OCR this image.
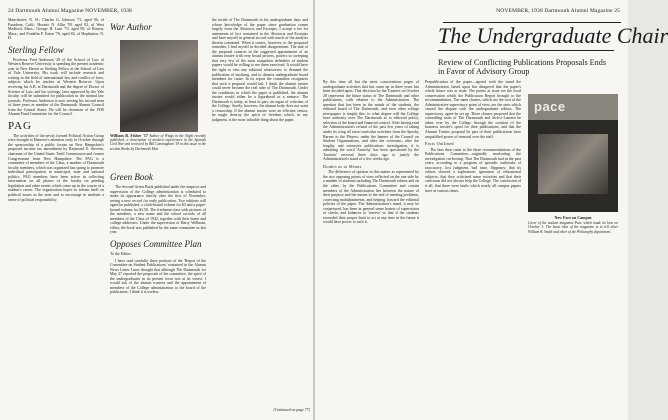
24 Dartmouth Alumni Magazine NOVEMBER, 1938

Manchester; N. H.; Charles G. Johnson '71, aged 96, of Pasadena, Calif.; Horatio N. Allin '59, aged 92, of West Medford, Mass.; George H. Lunt '73, aged 90, of Boston, Mass.; and Franklin P. Eaton '76, aged 84, of Hopkinton, N. H.

Sterling Fellow

Professor Fred Anderson '28 of the School of Law of Western Reserve University is spending the present academic year in New Haven as Sterling Fellow at the School of Law of Yale University. His work will include research and writing in the field of international law and conflict of laws, subjects which he teaches at Western Reserve. Upon receiving his A.B. at Dartmouth and the degree of Doctor of Science of Law, and his writings, later approved by the Yale faculty, will be submitted for publication in the normal law journals. Professor Anderson is now serving his second term of three years as member of the Dartmouth Alumni Council from the Central States. He will be chairman of the 1939 Alumni Fund Committee for the Council.

PAG

The activities of the newly formed Political Action Group were brought to Hanover's attention early in October through the sponsorship of a public forum on New Hampshire's proposed income tax amendment by Raymond E. Stevens, chairman of the United States Tariff Commission and former Congressman from New Hampshire. The PAG is a committee of members of the Class, a number of Dartmouth faculty members, which was organized last spring to promote individual participation in municipal, state and national politics. PAG members have been active in collecting information on all phases of the faculty on pending legislation and other events which come up in the course of a student's career. The organization hopes to inform itself on political issues in the state and to encourage in students a sense of political responsibility.

War Author
William B. Fisher '17 Author of Wings in the Night recently published, a description of modern experiences in the Spanish Civil War and reviewed by Bill Cunningham '19 in this issue in the section Books by Dartmouth Men.
Green Book

The Second Green Book published under the auspices and supervision of the College administration is scheduled to make its appearance shortly after the first of November, seeing a new record for early publication. Two editions will again be published, a cloth-bound volume for $3 and a paper-bound volume for $1.50. The freshman class with pictures of the members, a new name and the school records of all members of the Class of 1942, together with their home and college addresses. Under the supervision of Harry Wellman, editor, the book was published by the same committee as last year.

Opposes Committee Plan

To the Editor:

I have read carefully three portions of the 'Report of the Committee on Student Publications' contained in the Alumni News Letter I now thought that although The Dartmouth for May 27 reported the proposals of the committee, the spirit of the undergraduates in its present form was at its wisest. I would ask of the alumni trustees and the appointment of members of the College administration to the board of the publication, I think it is useless.

the inside of The Dartmouth in his undergraduate days and whose knowledge of the paper since graduation comes largely from the Abstracts and Excerpts. I accept a fee for statements of fact contained in the Abstracts and Excerpts and have myself in general accord with much of the analysis therein contained. When it comes, however, to the proposed remedies, I find myself in decided disagreement. The nub of the proposal consists in the suggested appointment of an alumni trustee with very broad powers, powers so sweeping that very few of the most outspoken defenders of student papers would be willing to see them exercised. It would have the right to veto any editorial whatsoever, to demand the publication of anything, and to dismiss undergraduate board members for cause. In its report the committee recognizes that such a proposal would fail. I think the alumni trustee could never become the real ruler of The Dartmouth. Under the conditions in which the paper is published, the alumni trustee would either be a figurehead or a menace. The Dartmouth is today, at least in part, an organ of criticism of the College. Surely, however, the alumni body does not want a censorship. If the alumni trustee were an efficient censor, he might destroy the spirit of freedom which, in my judgment, is the most valuable thing about the paper.

[Continued on page 77]
NOVEMBER, 1938 Dartmouth Alumni Magazine 25
The Undergraduate Chair
Review of Conflicting Publications Proposals Ends in Favor of Advisory Group

By this time all but the most conscientious pages of undergraduate activities that has come up in three years has been decided upon. That decision by the Trustees on October 28 represents the future status of The Dartmouth and other publications, with relation to the Administration. The question that has been in the minds of the students, the editorial board of The Dartmouth, and even other college newspapers is simply this: to what degree will the College have authority over The Dartmouth as to editorial policy, selection of the board and financial control. After having read the Administration's refusal of the past few years of taking under its wing all extra-curricular activities from the Spooky Barnes to the Players, under the banner of the Council on Student Organizations, and after the criticisms, after the lengthy and extensive publications investigation, it is admitting the word 'Anarchy' has been questioned by the Trustees' reversal three days ago to justify the Administration's stand of a few weeks ago.

Doubts as to Means

The difference of opinion in this matter as represented by the two opposing points of view reflected on the one side by a number of students including The Dartmouth editors and on the other, by the Publications Committee and certain members of the Administration lies between the nature of their purpose and the means to the end of meeting problems, correcting maladjustments, and helping forward the editorial policies of the paper. The Administration's stand, it may be conjectured, has been in general sense honest of supervision of checks and balances to 'reserve' so that if the students exceeded their proper limit to act at any time in the future it would have power to curb it.

Prepublication of the paper—agreed with the stand the Administration, based upon but disagreed that the paper's whole future was at issue. The points at issue are the local conservation which the Publication Report brought to the recommendation. The same clauses, which are the root of the Administrative supervisory point of view, are the ones which caused the dispute with the undergraduate editors. The supervisory, agree be set up. Three clauses proposed that the controlling seats of The Dartmouth and Jack-o-Lantern be taken over by the College through the creation of the business trustee's spool for their publications, and that the Alumni Trustee proposal be part of their publications have unqualified power of removal over the staff.

Facts Outlined

The bias then came to the three recommendations of the Publications Committee—originally motivating the investigation cat-boxing. That The Dartmouth had in the past years, according to a program of sporadic outbreaks of inaccuracy, lost judgment, bad taste, flippancy; that its editors showed a sophomoric ignorance of educational subjects; that they criticized some activities and that their criticisms did not always help the College. The conclusion of it all, that there were faults which nearly all campus papers have at various times.

pace
New Face on Campus
Cover of the student magazine Pace which made its bow on October 3. The basic idea of the magazine is to tell other William B. Smith and other of the Philosophy department.
